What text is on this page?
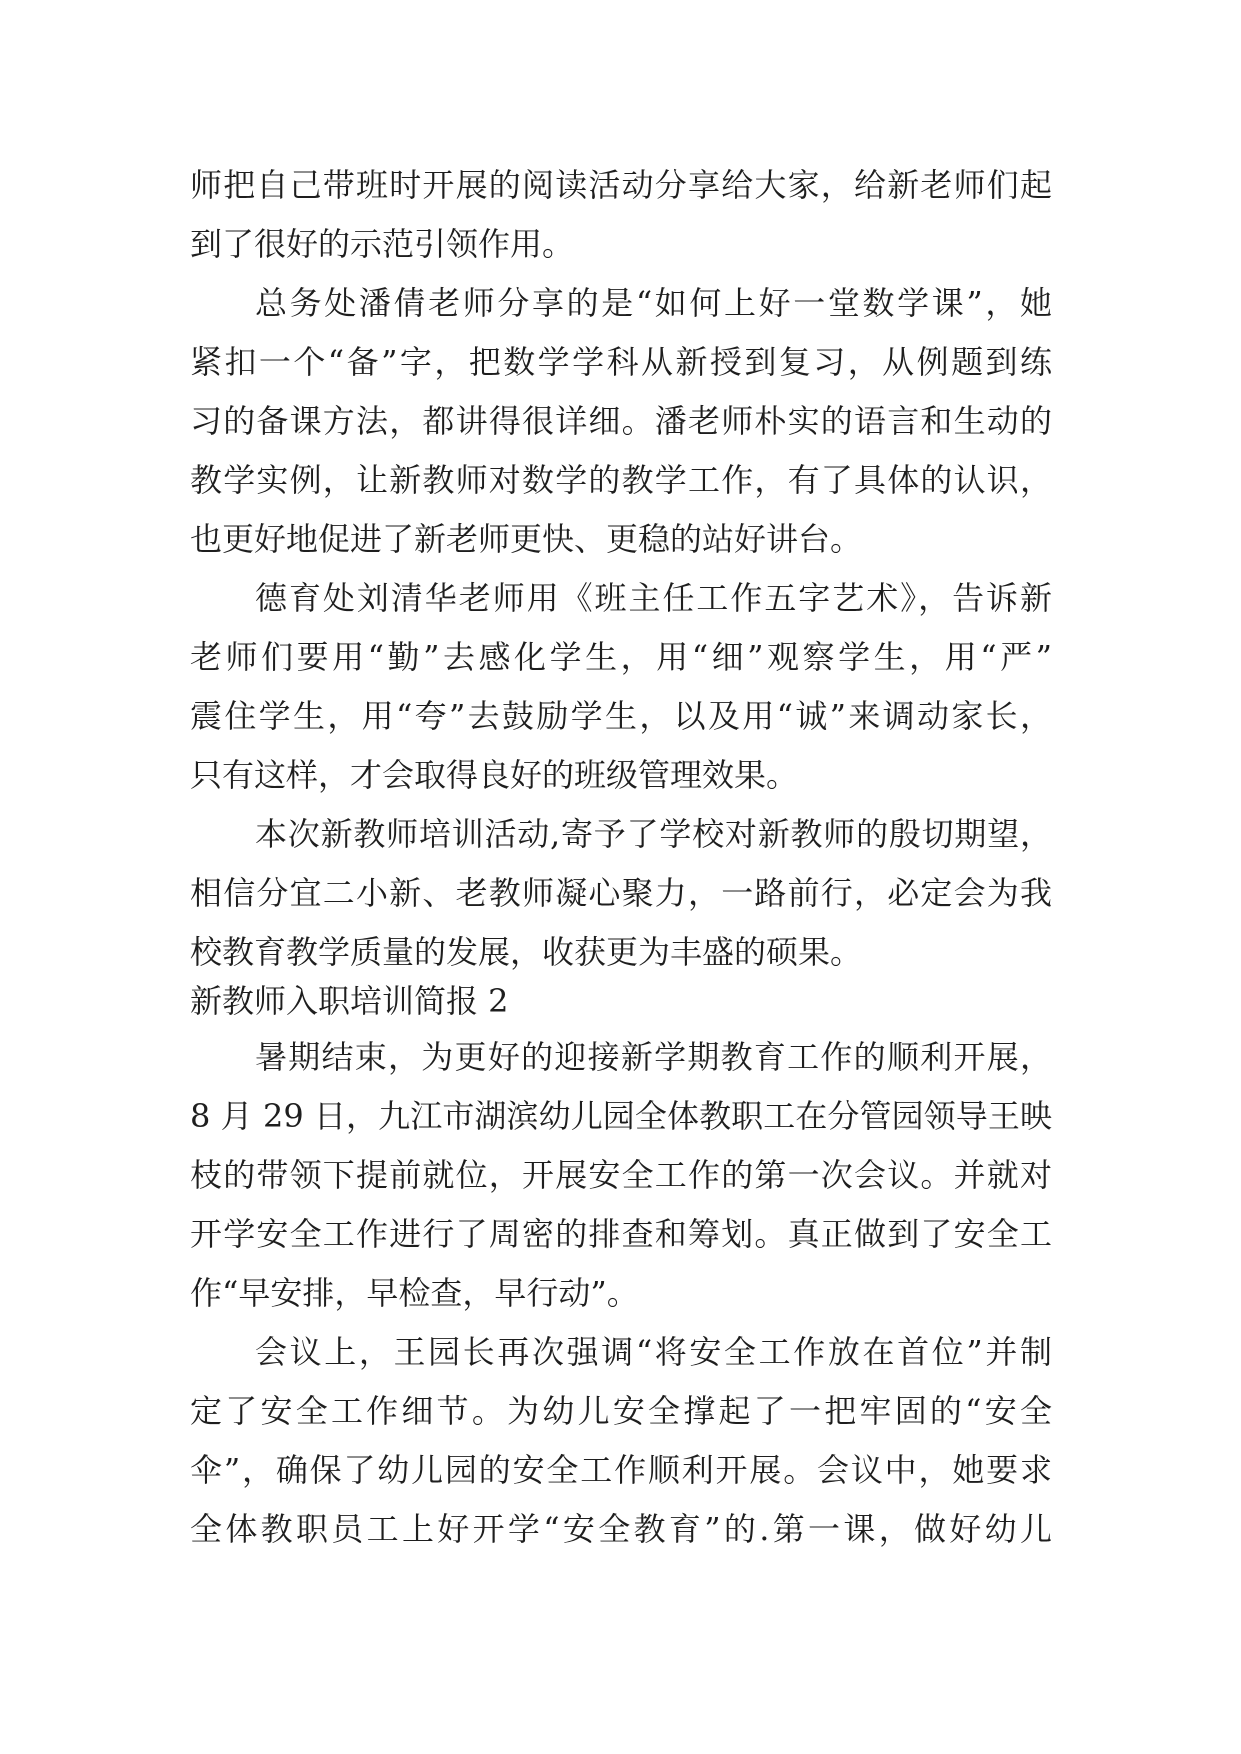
师把自己带班时开展的阅读活动分享给大家，给新老师们起
到了很好的示范引领作用。
总务处潘倩老师分享的是“如何上好一堂数学课”，她
紧扣一个“备”字，把数学学科从新授到复习，从例题到练
习的备课方法，都讲得很详细。潘老师朴实的语言和生动的
教学实例，让新教师对数学的教学工作，有了具体的认识，
也更好地促进了新老师更快、更稳的站好讲台。
德育处刘清华老师用《班主任工作五字艺术》，告诉新
老师们要用“勤”去感化学生，用“细”观察学生，用“严”
震住学生，用“夸”去鼓励学生，以及用“诚”来调动家长，
只有这样，才会取得良好的班级管理效果。
本次新教师培训活动,寄予了学校对新教师的殷切期望，
相信分宜二小新、老教师凝心聚力，一路前行，必定会为我
校教育教学质量的发展，收获更为丰盛的硕果。
新教师入职培训简报 2
暑期结束，为更好的迎接新学期教育工作的顺利开展，
8 月 29 日，九江市湖滨幼儿园全体教职工在分管园领导王映
枝的带领下提前就位，开展安全工作的第一次会议。并就对
开学安全工作进行了周密的排查和筹划。真正做到了安全工
作“早安排，早检查，早行动”。
会议上，王园长再次强调“将安全工作放在首位”并制
定了安全工作细节。为幼儿安全撑起了一把牢固的“安全
伞”，确保了幼儿园的安全工作顺利开展。会议中，她要求
全体教职员工上好开学“安全教育”的.第一课，做好幼儿
